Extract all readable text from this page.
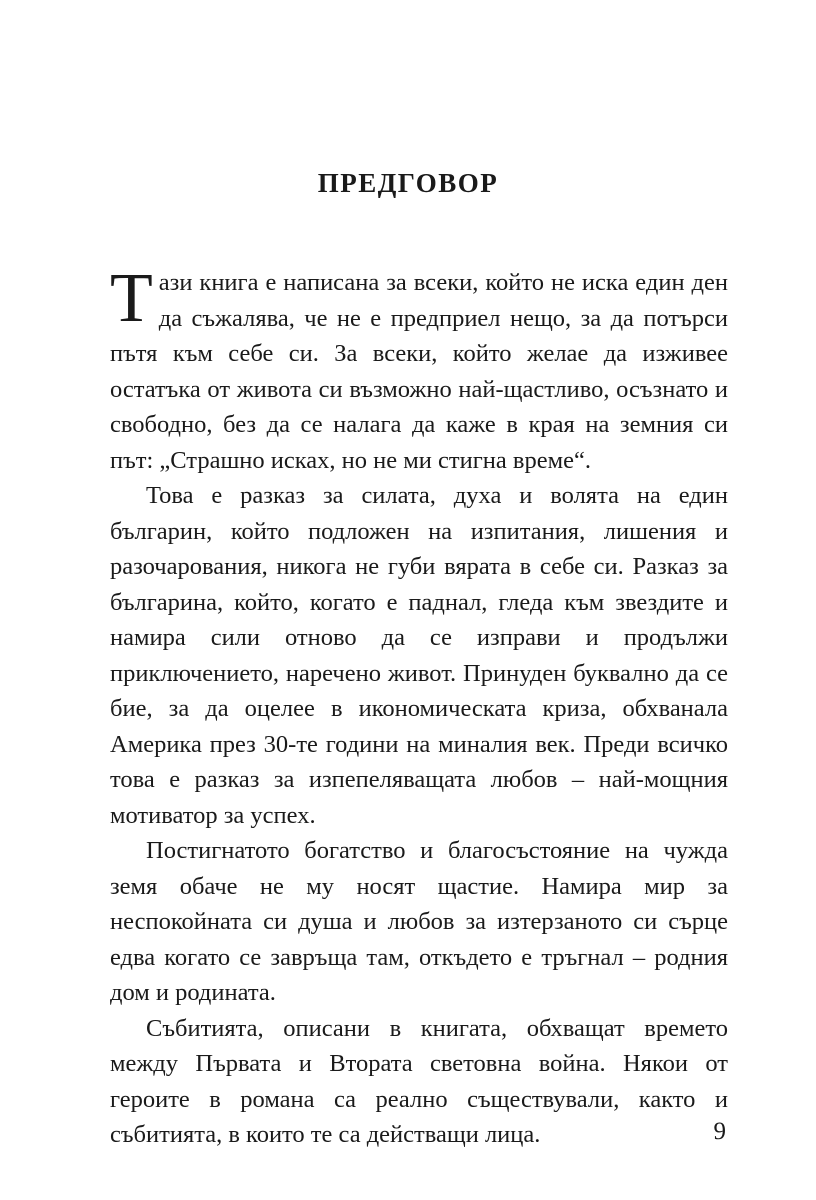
ПРЕДГОВОР

Тази книга е написана за всеки, който не иска един ден да съжалява, че не е предприел нещо, за да потърси пътя към себе си. За всеки, който желае да изживее остатъка от живота си възможно най-щастливо, осъзнато и свободно, без да се налага да каже в края на земния си път: „Страшно исках, но не ми стигна време“.

Това е разказ за силата, духа и волята на един българин, който подложен на изпитания, лишения и разочарования, никога не губи вярата в себе си. Разказ за българина, който, когато е паднал, гледа към звездите и намира сили отново да се изправи и продължи приключението, наречено живот. Принуден буквално да се бие, за да оцелее в икономическата криза, обхванала Америка през 30-те години на миналия век. Преди всичко това е разказ за изпепеляващата любов – най-мощния мотиватор за успех.

Постигнатото богатство и благосъстояние на чужда земя обаче не му носят щастие. Намира мир за неспокойната си душа и любов за изтерзаното си сърце едва когато се завръща там, откъдето е тръгнал – родния дом и родината.

Събитията, описани в книгата, обхващат времето между Първата и Втората световна война. Някои от героите в романа са реално съществували, както и събитията, в които те са действащи лица.	9
